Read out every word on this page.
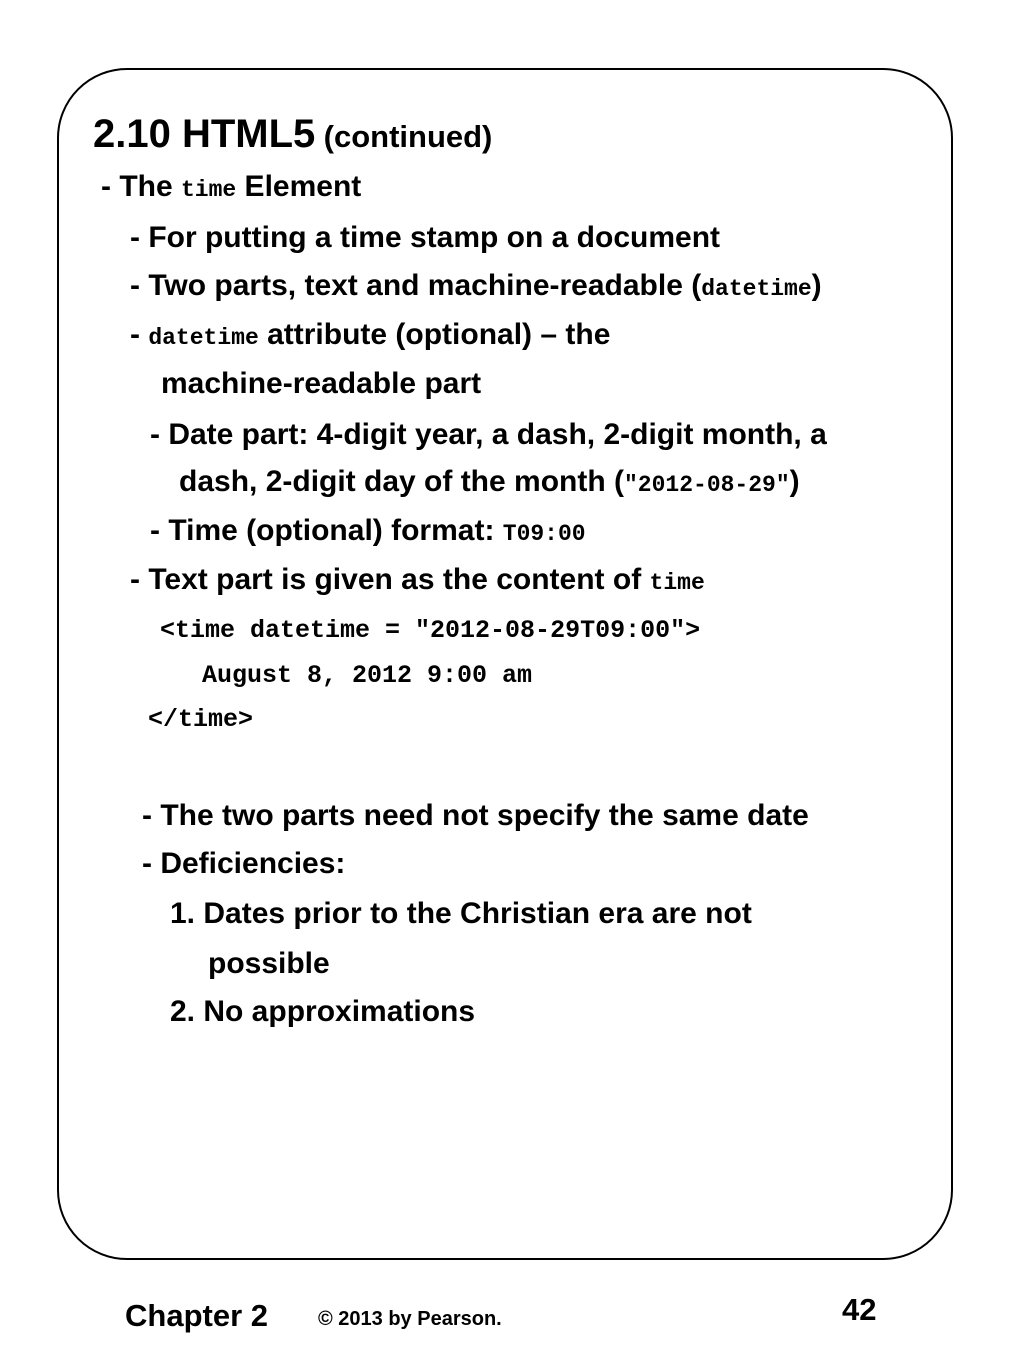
2.10 HTML5 (continued)
- The time Element
- For putting a time stamp on a document
- Two parts, text and machine-readable (datetime)
- datetime attribute (optional) – the
machine-readable part
- Date part: 4-digit year, a dash, 2-digit month, a
dash, 2-digit day of the month (″2012-08-29″)
- Time (optional) format: T09:00
- Text part is given as the content of time
<time datetime = ″2012-08-29T09:00″>
August 8, 2012 9:00 am
</time>
- The two parts need not specify the same date
- Deficiencies:
1. Dates prior to the Christian era are not
possible
2. No approximations
Chapter 2	© 2013 by Pearson.	42
